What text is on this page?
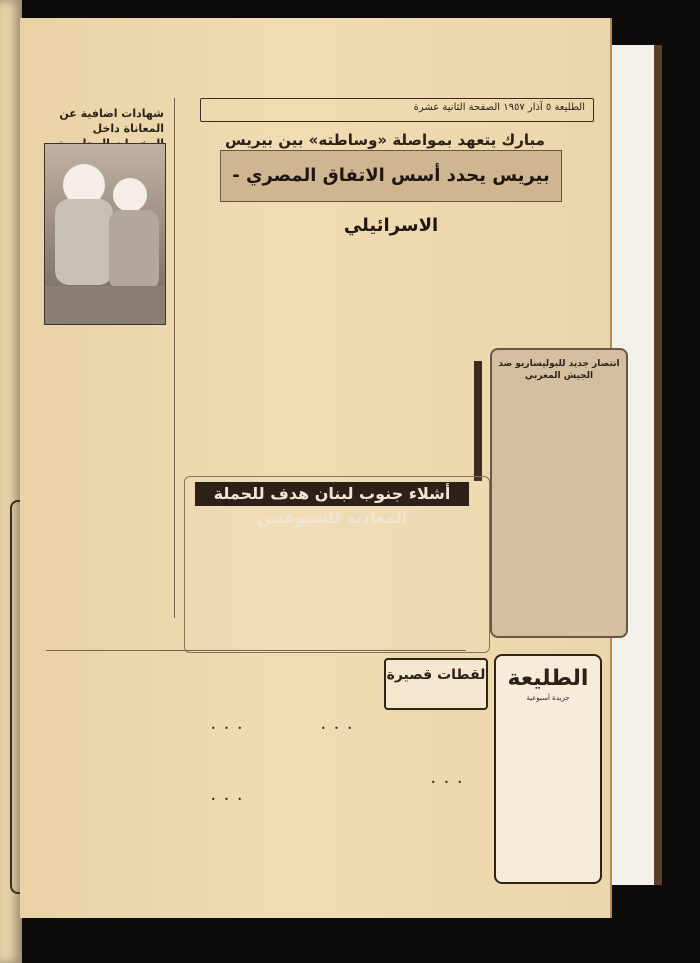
الطليعة ٥ آذار ١٩٥٧ الصفحة الثانية عشرة
مبارك يتعهد بمواصلة «وساطته» بين بيريس
بيريس يحدد أسس الاتفاق المصري - الاسرائيلي
شهادات اضافية عن المعاناة داخل
انتصار جديد للبوليساريو ضد الجيش المغربي
أشلاء جنوب لبنان هدف للحملة المعادية للشيوعيين
• • •
• • •
• • •
• • •
لقطات قصيرة	الطليعة
جريدة أسبوعية
